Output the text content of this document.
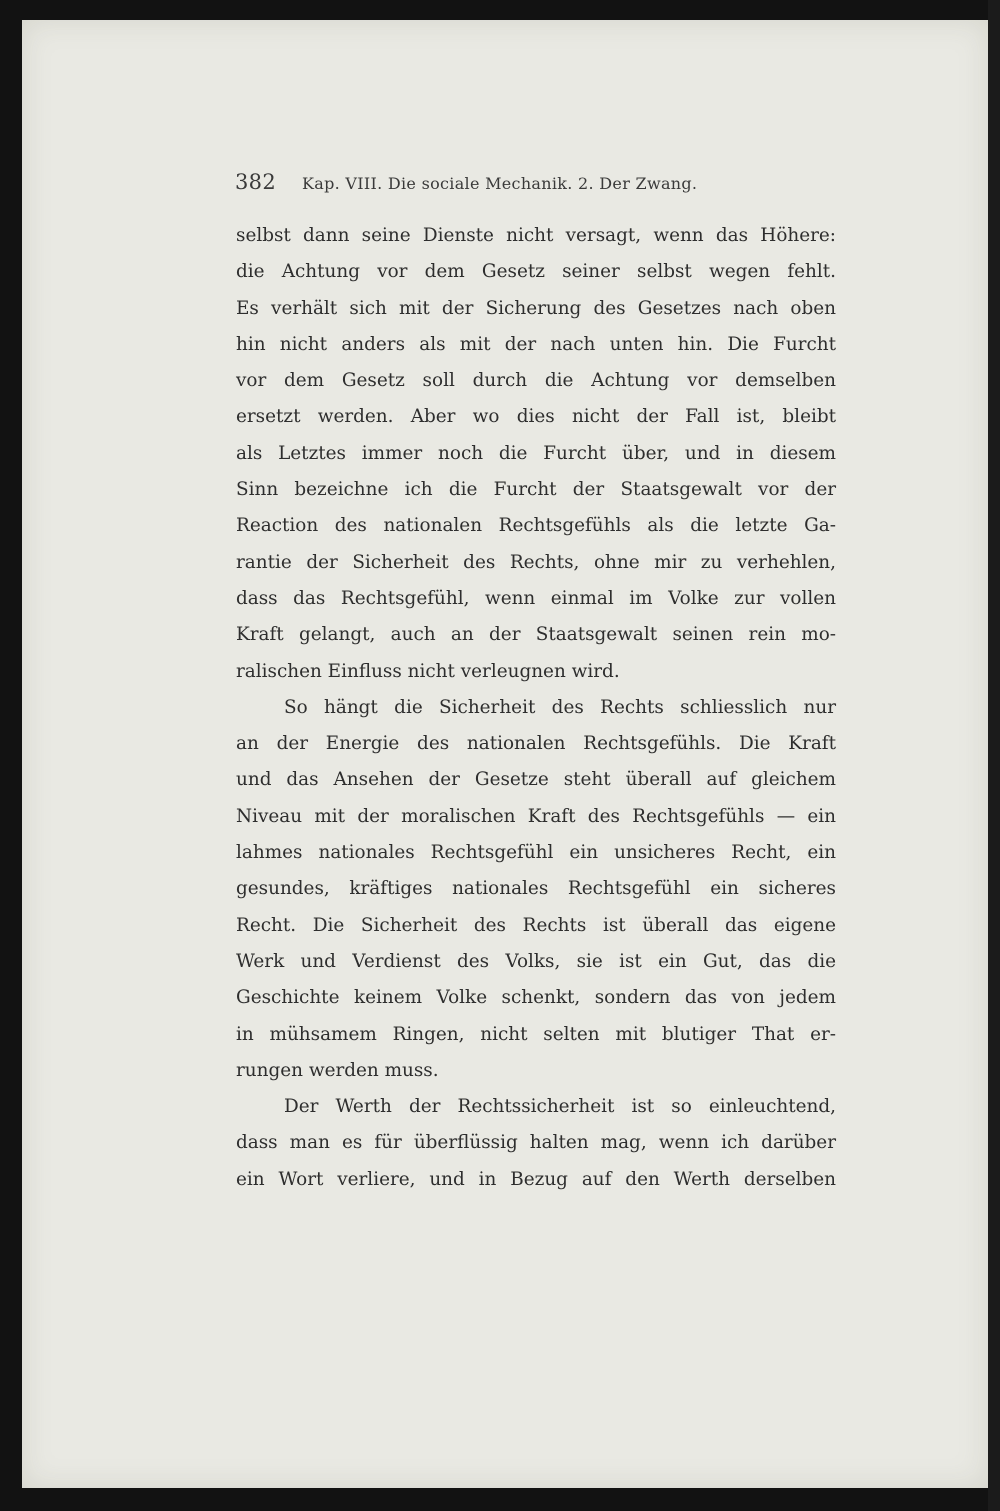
382 Kap. VIII. Die sociale Mechanik. 2. Der Zwang.
selbst dann seine Dienste nicht versagt, wenn das Höhere:
die Achtung vor dem Gesetz seiner selbst wegen fehlt.
Es verhält sich mit der Sicherung des Gesetzes nach oben
hin nicht anders als mit der nach unten hin. Die Furcht
vor dem Gesetz soll durch die Achtung vor demselben
ersetzt werden. Aber wo dies nicht der Fall ist, bleibt
als Letztes immer noch die Furcht über, und in diesem
Sinn bezeichne ich die Furcht der Staatsgewalt vor der
Reaction des nationalen Rechtsgefühls als die letzte Ga-
rantie der Sicherheit des Rechts, ohne mir zu verhehlen,
dass das Rechtsgefühl, wenn einmal im Volke zur vollen
Kraft gelangt, auch an der Staatsgewalt seinen rein mo-
ralischen Einfluss nicht verleugnen wird.
So hängt die Sicherheit des Rechts schliesslich nur
an der Energie des nationalen Rechtsgefühls. Die Kraft
und das Ansehen der Gesetze steht überall auf gleichem
Niveau mit der moralischen Kraft des Rechtsgefühls — ein
lahmes nationales Rechtsgefühl ein unsicheres Recht, ein
gesundes, kräftiges nationales Rechtsgefühl ein sicheres
Recht. Die Sicherheit des Rechts ist überall das eigene
Werk und Verdienst des Volks, sie ist ein Gut, das die
Geschichte keinem Volke schenkt, sondern das von jedem
in mühsamem Ringen, nicht selten mit blutiger That er-
rungen werden muss.
Der Werth der Rechtssicherheit ist so einleuchtend,
dass man es für überflüssig halten mag, wenn ich darüber
ein Wort verliere, und in Bezug auf den Werth derselben
